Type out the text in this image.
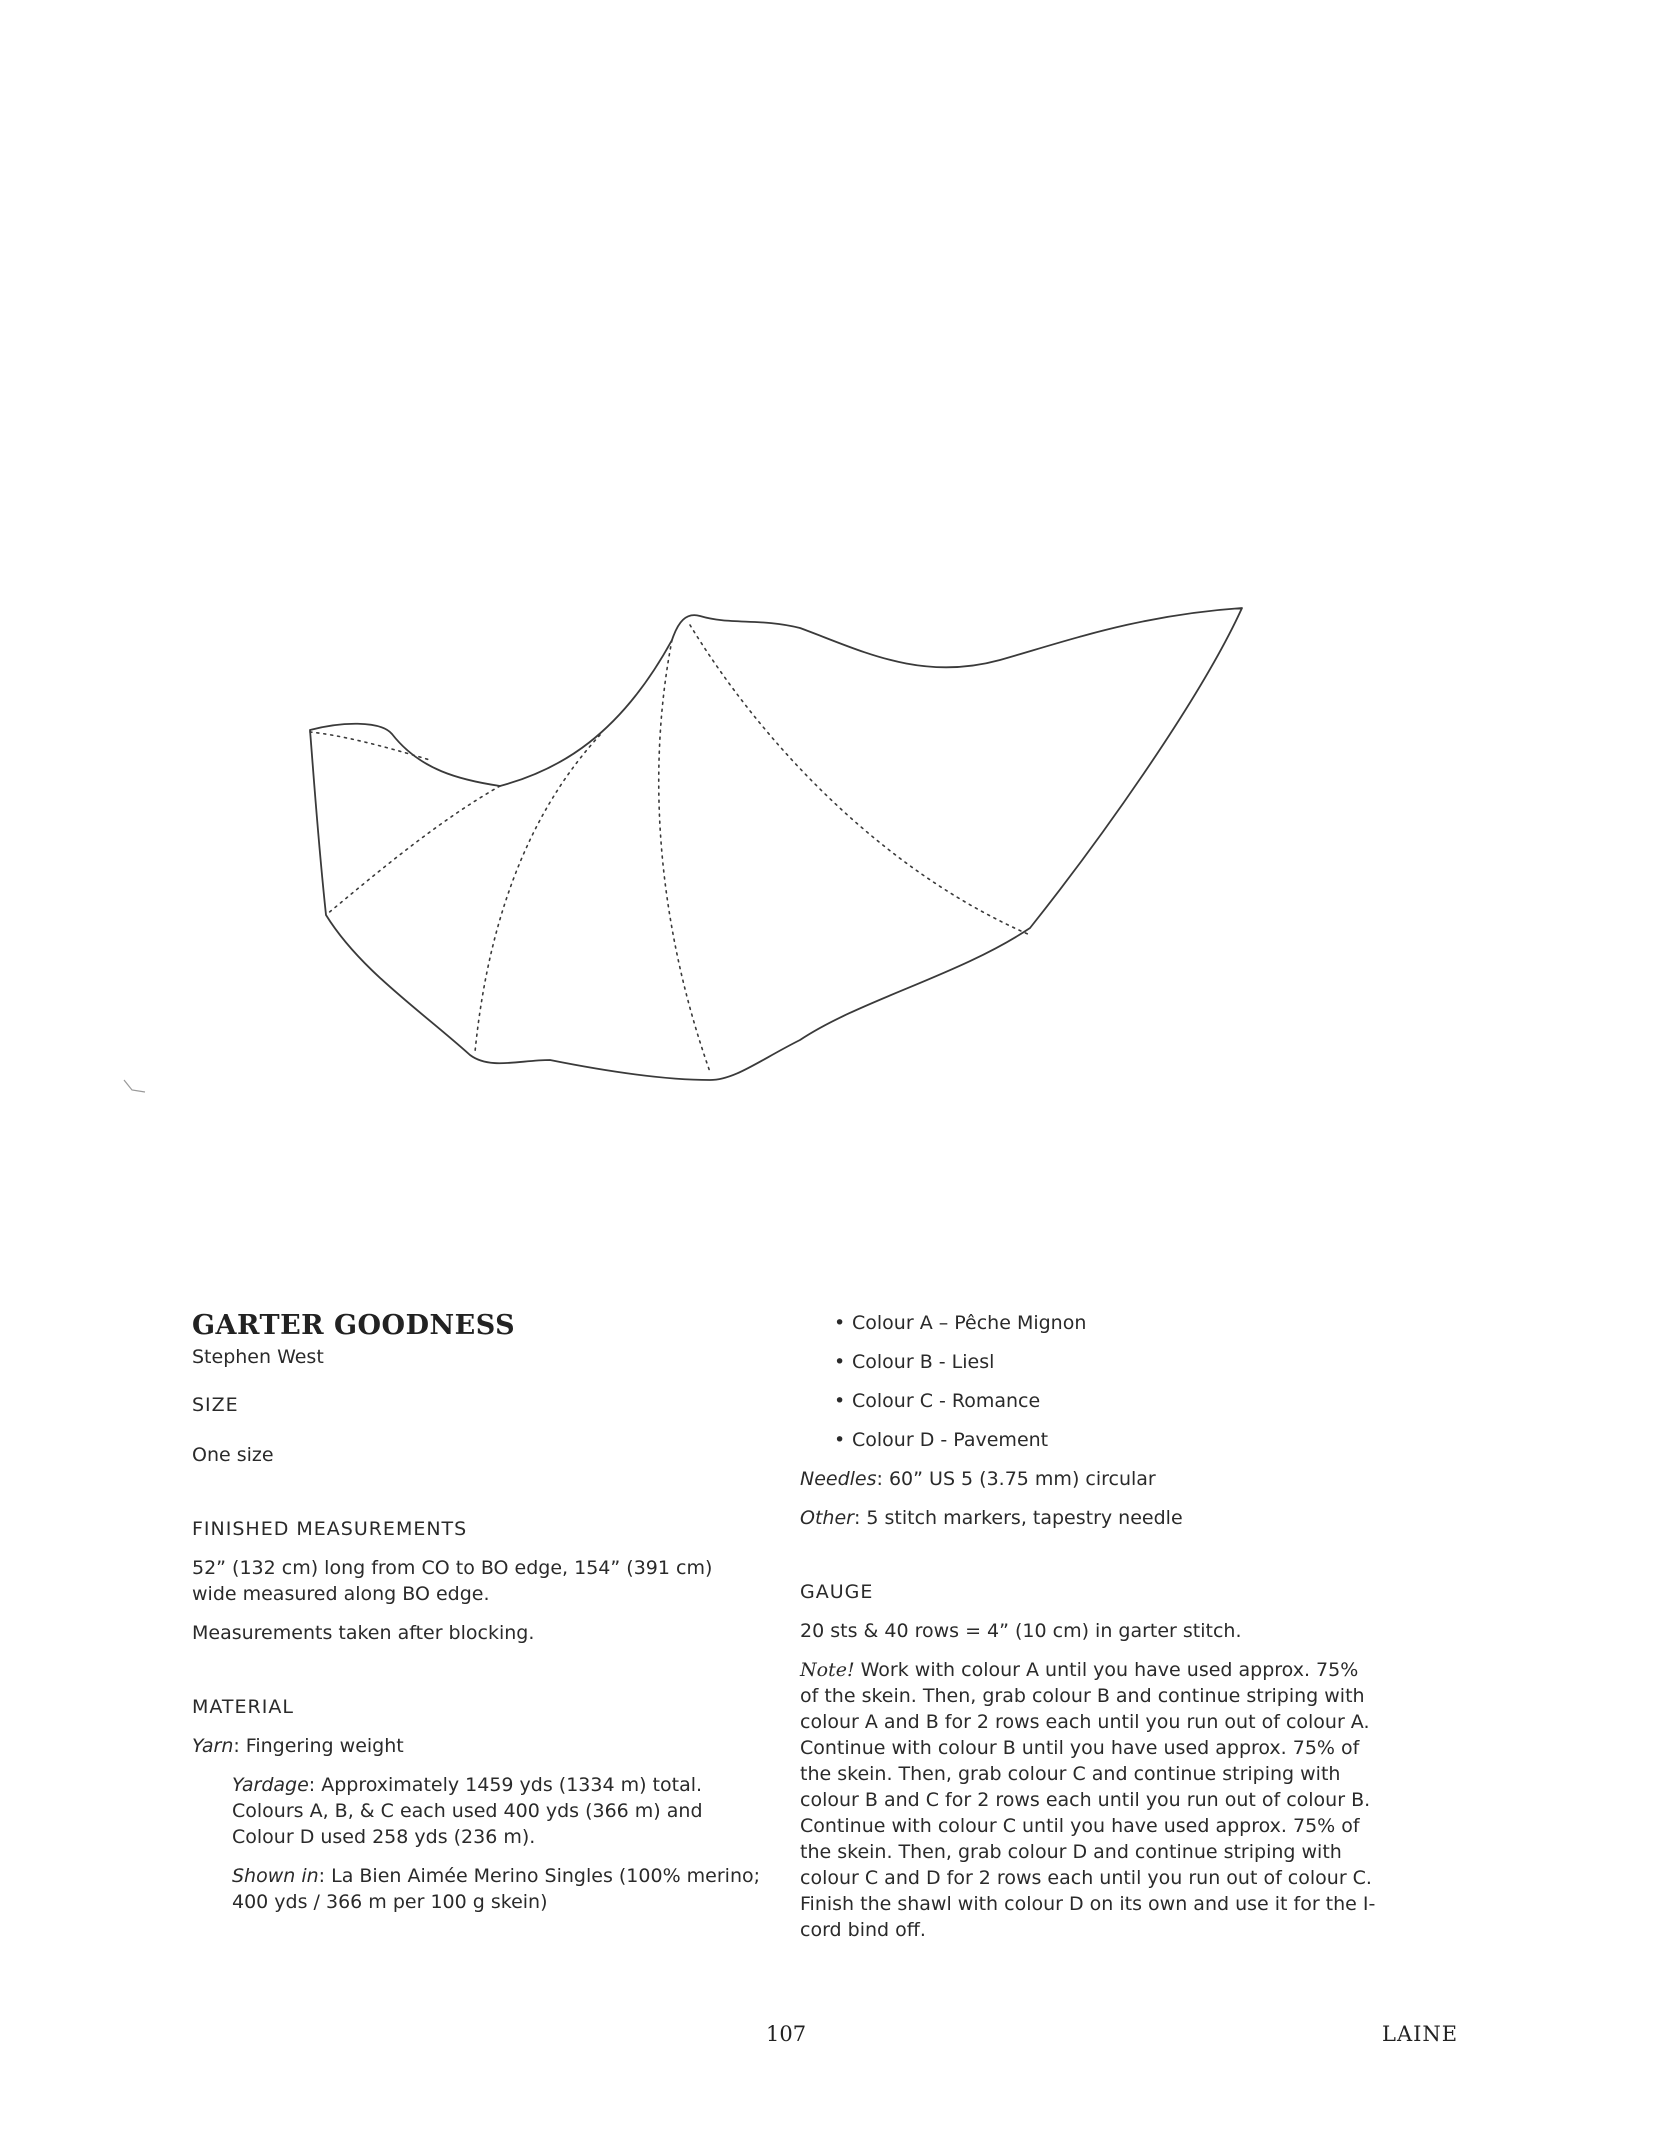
GARTER GOODNESS

Stephen West

SIZE

One size

FINISHED MEASUREMENTS

52” (132 cm) long from CO to BO edge, 154” (391 cm) wide measured along BO edge.

Measurements taken after blocking.

MATERIAL

Yarn: Fingering weight

Yardage: Approximately 1459 yds (1334 m) total. Colours A, B, & C each used 400 yds (366 m) and Colour D used 258 yds (236 m).

Shown in: La Bien Aimée Merino Singles (100% merino; 400 yds / 366 m per 100 g skein)

• Colour A – Pêche Mignon
• Colour B - Liesl
• Colour C - Romance
• Colour D - Pavement

Needles: 60” US 5 (3.75 mm) circular

Other: 5 stitch markers, tapestry needle

GAUGE

20 sts & 40 rows = 4” (10 cm) in garter stitch.

Note! Work with colour A until you have used approx. 75% of the skein. Then, grab colour B and continue striping with colour A and B for 2 rows each until you run out of colour A. Continue with colour B until you have used approx. 75% of the skein. Then, grab colour C and continue striping with colour B and C for 2 rows each until you run out of colour B. Continue with colour C until you have used approx. 75% of the skein. Then, grab colour D and continue striping with colour C and D for 2 rows each until you run out of colour C. Finish the shawl with colour D on its own and use it for the I-cord bind off.

107	LAINE
